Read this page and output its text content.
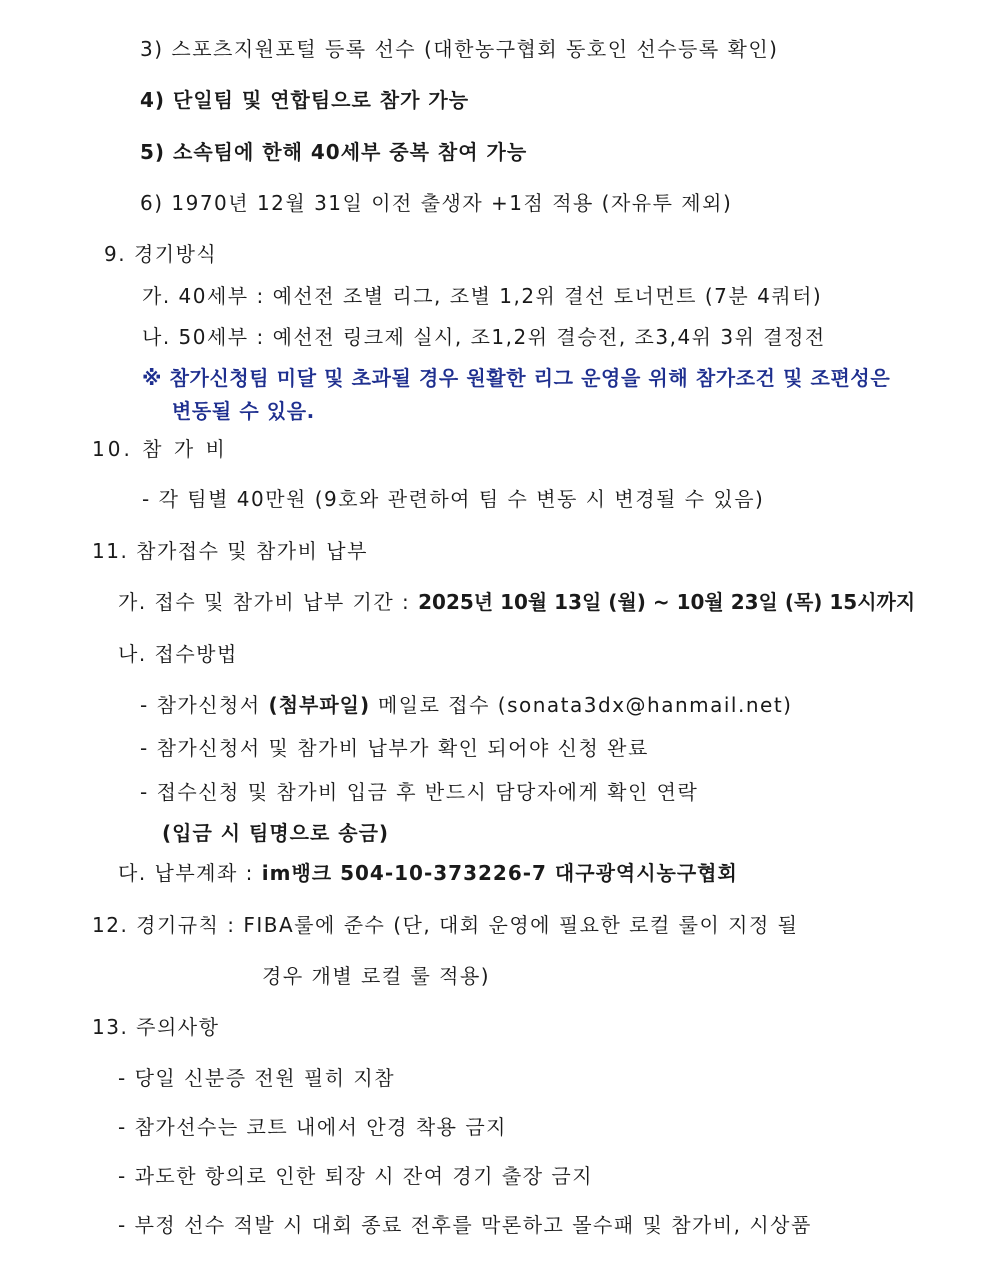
3) 스포츠지원포털 등록 선수 (대한농구협회 동호인 선수등록 확인)
4) 단일팀 및 연합팀으로 참가 가능
5) 소속팀에 한해 40세부 중복 참여 가능
6) 1970년 12월 31일 이전 출생자 +1점 적용 (자유투 제외)
9. 경기방식
가. 40세부 : 예선전 조별 리그, 조별 1,2위 결선 토너먼트 (7분 4쿼터)
나. 50세부 : 예선전 링크제 실시, 조1,2위 결승전, 조3,4위 3위 결정전
※ 참가신청팀 미달 및 초과될 경우 원활한 리그 운영을 위해 참가조건 및 조편성은
변동될 수 있음.
10. 참 가 비
- 각 팀별 40만원 (9호와 관련하여 팀 수 변동 시 변경될 수 있음)
11. 참가접수 및 참가비 납부
가. 접수 및 참가비 납부 기간 : 2025년 10월 13일 (월) ~ 10월 23일 (목) 15시까지
나. 접수방법
- 참가신청서 (첨부파일) 메일로 접수 (sonata3dx@hanmail.net)
- 참가신청서 및 참가비 납부가 확인 되어야 신청 완료
- 접수신청 및 참가비 입금 후 반드시 담당자에게 확인 연락
(입금 시 팀명으로 송금)
다. 납부계좌 : im뱅크 504-10-373226-7 대구광역시농구협회
12. 경기규칙 : FIBA룰에 준수 (단, 대회 운영에 필요한 로컬 룰이 지정 될
경우 개별 로컬 룰 적용)
13. 주의사항
- 당일 신분증 전원 필히 지참
- 참가선수는 코트 내에서 안경 착용 금지
- 과도한 항의로 인한 퇴장 시 잔여 경기 출장 금지
- 부정 선수 적발 시 대회 종료 전후를 막론하고 몰수패 및 참가비, 시상품
